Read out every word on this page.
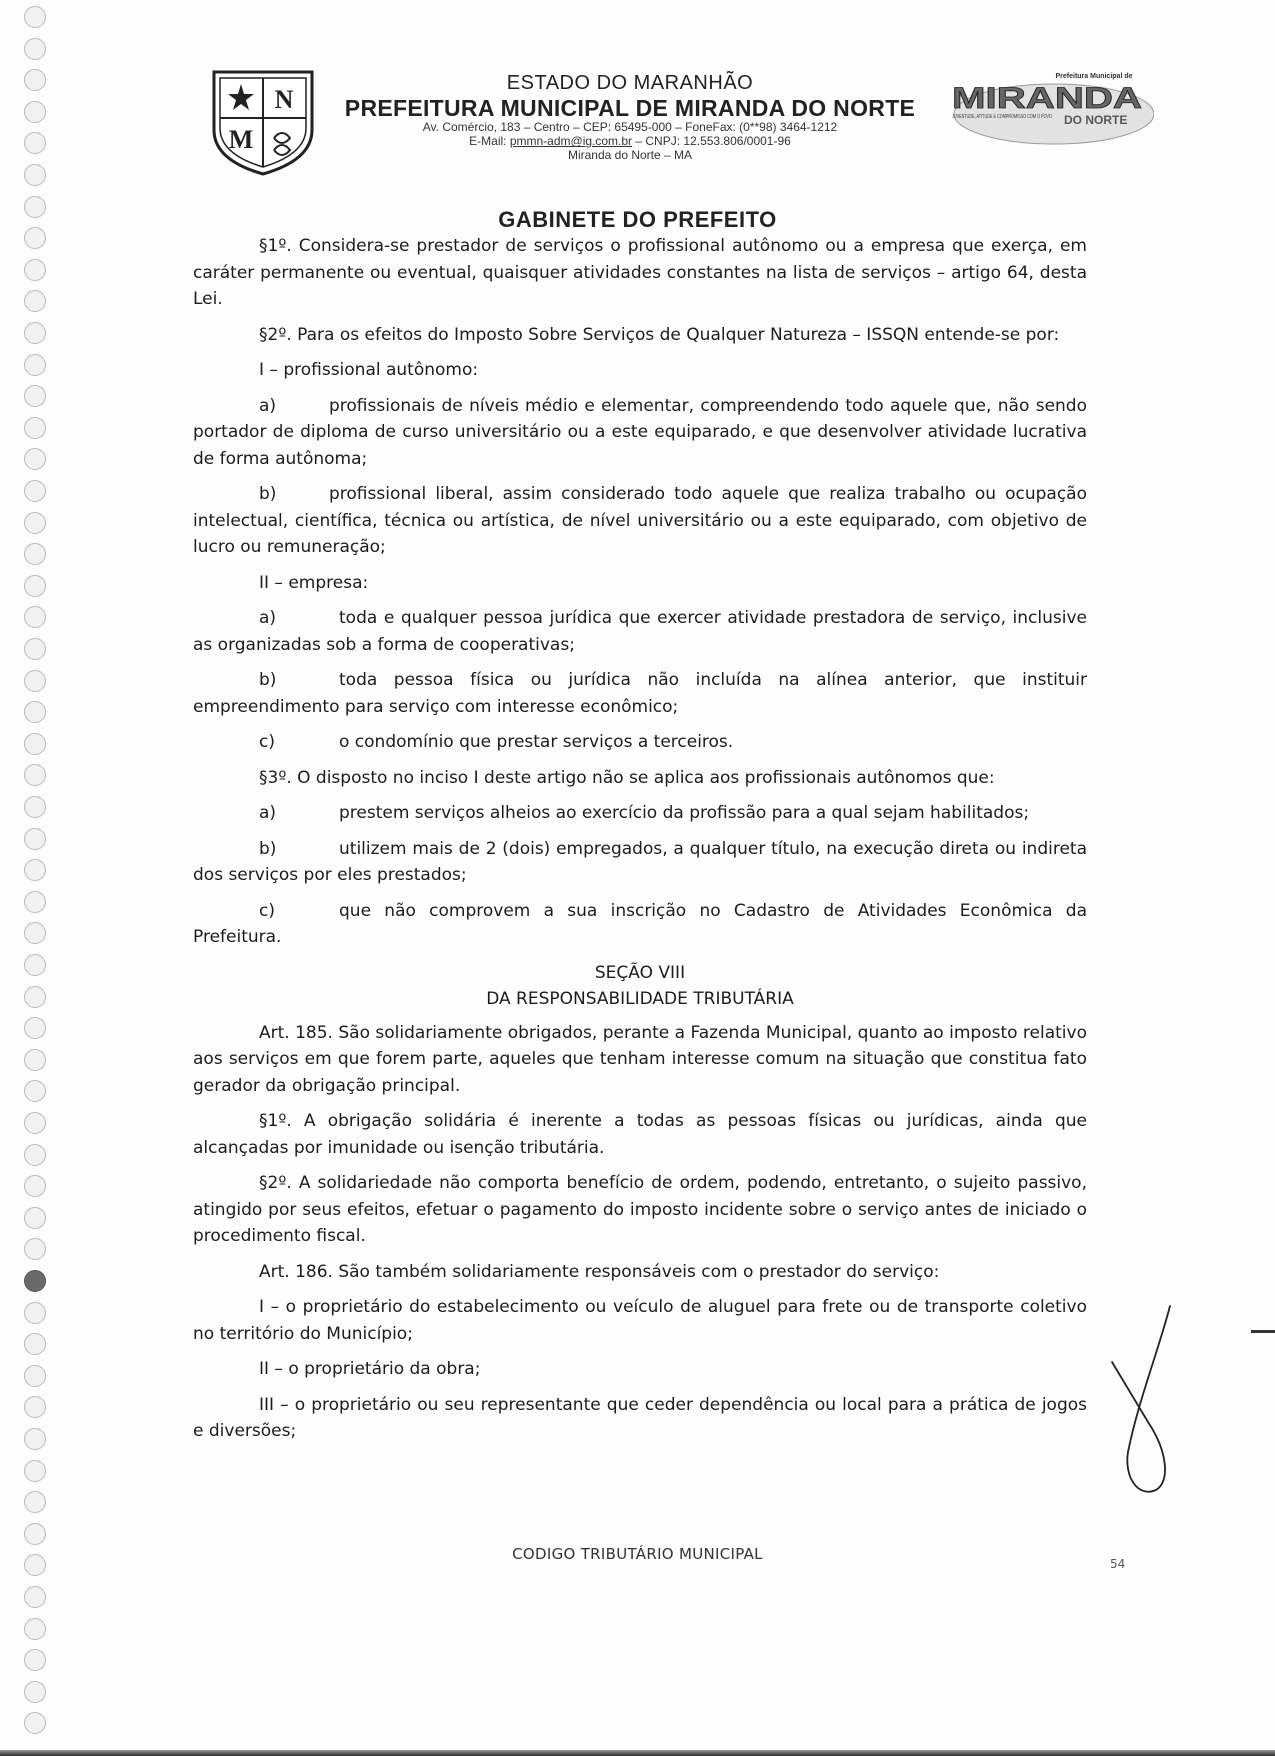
N
M
ESTADO DO MARANHÃO
PREFEITURA MUNICIPAL DE MIRANDA DO NORTE
Av. Comércio, 183 – Centro – CEP: 65495-000 – FoneFax: (0**98) 3464-1212
E-Mail: pmmn-adm@ig.com.br – CNPJ: 12.553.806/0001-96
Miranda do Norte – MA
Prefeitura Municipal de
MIRANDA
JUVENTUDE, ATITUDE E COMPROMISSO COM O POVO DO NORTE
GABINETE DO PREFEITO

§1º. Considera-se prestador de serviços o profissional autônomo ou a empresa que exerça, em caráter permanente ou eventual, quaisquer atividades constantes na lista de serviços – artigo 64, desta Lei.

§2º. Para os efeitos do Imposto Sobre Serviços de Qualquer Natureza – ISSQN entende-se por:

I – profissional autônomo:

a)	profissionais de níveis médio e elementar, compreendendo todo aquele que, não sendo portador de diploma de curso universitário ou a este equiparado, e que desenvolver atividade lucrativa de forma autônoma;

b)	profissional liberal, assim considerado todo aquele que realiza trabalho ou ocupação intelectual, científica, técnica ou artística, de nível universitário ou a este equiparado, com objetivo de lucro ou remuneração;

II – empresa:

a)	toda e qualquer pessoa jurídica que exercer atividade prestadora de serviço, inclusive as organizadas sob a forma de cooperativas;

b)	toda pessoa física ou jurídica não incluída na alínea anterior, que instituir empreendimento para serviço com interesse econômico;

c)	o condomínio que prestar serviços a terceiros.

§3º. O disposto no inciso I deste artigo não se aplica aos profissionais autônomos que:

a)	prestem serviços alheios ao exercício da profissão para a qual sejam habilitados;

b)	utilizem mais de 2 (dois) empregados, a qualquer título, na execução direta ou indireta dos serviços por eles prestados;

c)	que não comprovem a sua inscrição no Cadastro de Atividades Econômica da Prefeitura.

SEÇÃO VIII
DA RESPONSABILIDADE TRIBUTÁRIA

Art. 185. São solidariamente obrigados, perante a Fazenda Municipal, quanto ao imposto relativo aos serviços em que forem parte, aqueles que tenham interesse comum na situação que constitua fato gerador da obrigação principal.

§1º. A obrigação solidária é inerente a todas as pessoas físicas ou jurídicas, ainda que alcançadas por imunidade ou isenção tributária.

§2º. A solidariedade não comporta benefício de ordem, podendo, entretanto, o sujeito passivo, atingido por seus efeitos, efetuar o pagamento do imposto incidente sobre o serviço antes de iniciado o procedimento fiscal.

Art. 186. São também solidariamente responsáveis com o prestador do serviço:

I – o proprietário do estabelecimento ou veículo de aluguel para frete ou de transporte coletivo no território do Município;

II – o proprietário da obra;

III – o proprietário ou seu representante que ceder dependência ou local para a prática de jogos e diversões;

CODIGO TRIBUTÁRIO MUNICIPAL
54
